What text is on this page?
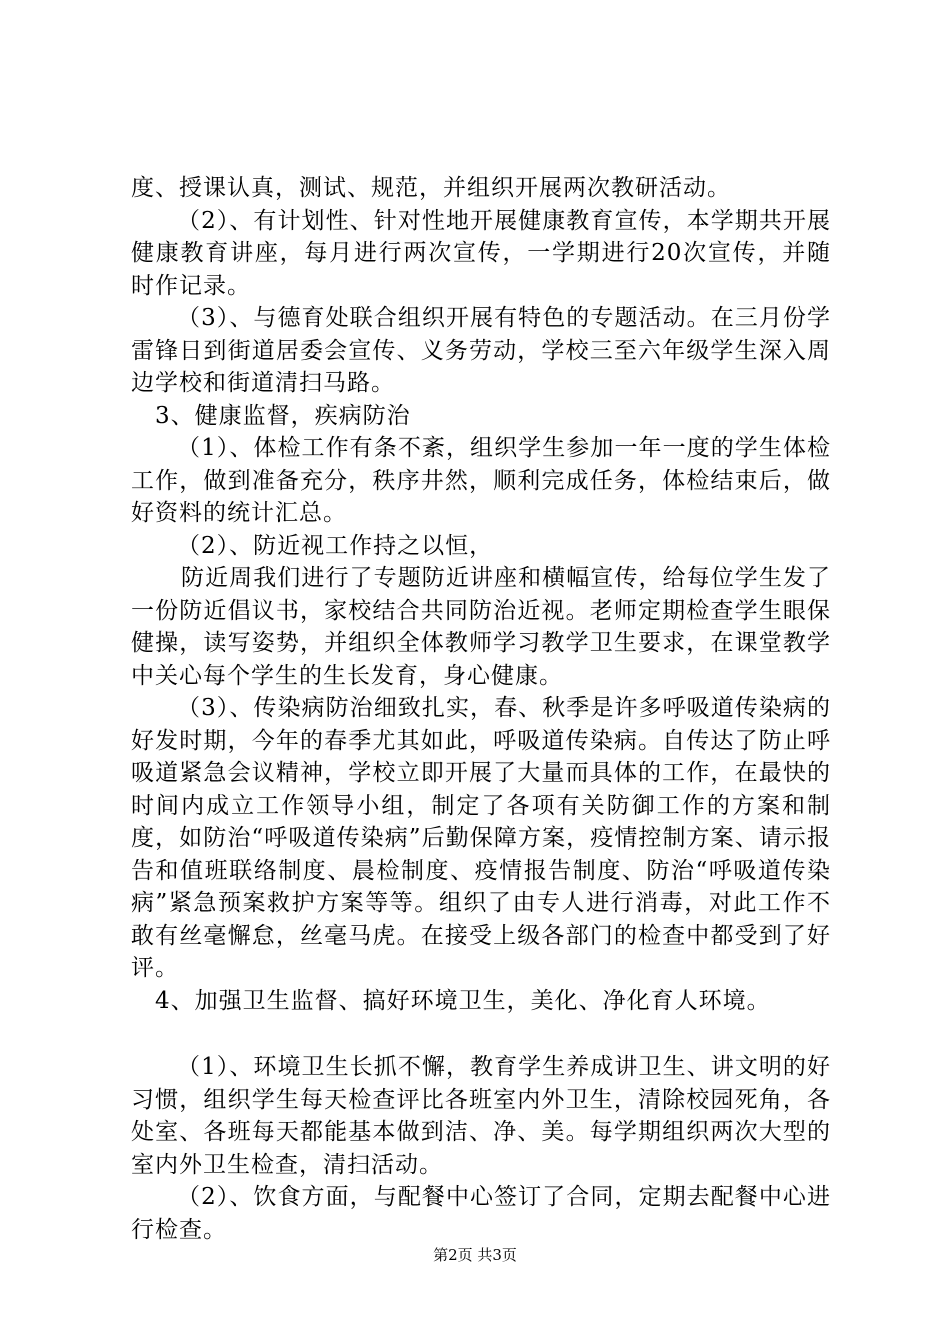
度、授课认真，测试、规范，并组织开展两次教研活动。

（2）、有计划性、针对性地开展健康教育宣传，本学期共开展健康教育讲座，每月进行两次宣传，一学期进行20次宣传，并随时作记录。

（3）、与德育处联合组织开展有特色的专题活动。在三月份学雷锋日到街道居委会宣传、义务劳动，学校三至六年级学生深入周边学校和街道清扫马路。

3、健康监督，疾病防治

（1）、体检工作有条不紊，组织学生参加一年一度的学生体检工作，做到准备充分，秩序井然，顺利完成任务，体检结束后，做好资料的统计汇总。

（2）、防近视工作持之以恒，

防近周我们进行了专题防近讲座和横幅宣传，给每位学生发了一份防近倡议书，家校结合共同防治近视。老师定期检查学生眼保健操，读写姿势，并组织全体教师学习教学卫生要求，在课堂教学中关心每个学生的生长发育，身心健康。

（3）、传染病防治细致扎实，春、秋季是许多呼吸道传染病的好发时期，今年的春季尤其如此，呼吸道传染病。自传达了防止呼吸道紧急会议精神，学校立即开展了大量而具体的工作，在最快的时间内成立工作领导小组，制定了各项有关防御工作的方案和制度，如防治“呼吸道传染病”后勤保障方案，疫情控制方案、请示报告和值班联络制度、晨检制度、疫情报告制度、防治“呼吸道传染病”紧急预案救护方案等等。组织了由专人进行消毒，对此工作不敢有丝毫懈怠，丝毫马虎。在接受上级各部门的检查中都受到了好评。

4、加强卫生监督、搞好环境卫生，美化、净化育人环境。

（1）、环境卫生长抓不懈，教育学生养成讲卫生、讲文明的好习惯，组织学生每天检查评比各班室内外卫生，清除校园死角，各处室、各班每天都能基本做到洁、净、美。每学期组织两次大型的室内外卫生检查，清扫活动。

（2）、饮食方面，与配餐中心签订了合同，定期去配餐中心进行检查。

第2页 共3页
